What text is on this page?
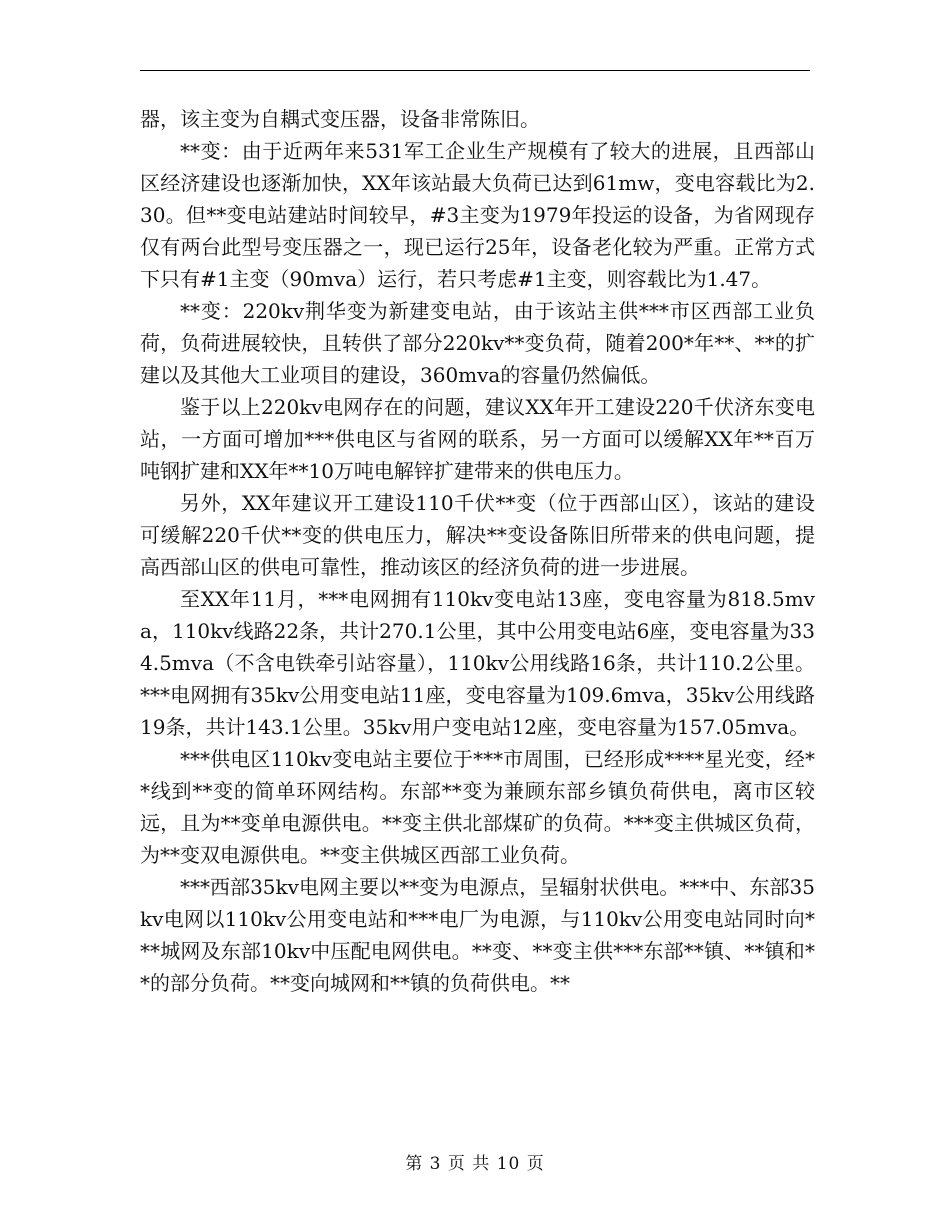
器，该主变为自耦式变压器，设备非常陈旧。

**变：由于近两年来531军工企业生产规模有了较大的进展，且西部山区经济建设也逐渐加快，XX年该站最大负荷已达到61mw，变电容载比为2.30。但**变电站建站时间较早，#3主变为1979年投运的设备，为省网现存仅有两台此型号变压器之一，现已运行25年，设备老化较为严重。正常方式下只有#1主变（90mva）运行，若只考虑#1主变，则容载比为1.47。

**变：220kv荆华变为新建变电站，由于该站主供***市区西部工业负荷，负荷进展较快，且转供了部分220kv**变负荷，随着200*年**、**的扩建以及其他大工业项目的建设，360mva的容量仍然偏低。

鉴于以上220kv电网存在的问题，建议XX年开工建设220千伏济东变电站，一方面可增加***供电区与省网的联系，另一方面可以缓解XX年**百万吨钢扩建和XX年**10万吨电解锌扩建带来的供电压力。

另外，XX年建议开工建设110千伏**变（位于西部山区），该站的建设可缓解220千伏**变的供电压力，解决**变设备陈旧所带来的供电问题，提高西部山区的供电可靠性，推动该区的经济负荷的进一步进展。

至XX年11月，***电网拥有110kv变电站13座，变电容量为818.5mva，110kv线路22条，共计270.1公里，其中公用变电站6座，变电容量为334.5mva（不含电铁牵引站容量），110kv公用线路16条，共计110.2公里。***电网拥有35kv公用变电站11座，变电容量为109.6mva，35kv公用线路19条，共计143.1公里。35kv用户变电站12座，变电容量为157.05mva。

***供电区110kv变电站主要位于***市周围，已经形成****星光变，经**线到**变的简单环网结构。东部**变为兼顾东部乡镇负荷供电，离市区较远，且为**变单电源供电。**变主供北部煤矿的负荷。***变主供城区负荷，为**变双电源供电。**变主供城区西部工业负荷。

***西部35kv电网主要以**变为电源点，呈辐射状供电。***中、东部35kv电网以110kv公用变电站和***电厂为电源，与110kv公用变电站同时向***城网及东部10kv中压配电网供电。**变、**变主供***东部**镇、**镇和**的部分负荷。**变向城网和**镇的负荷供电。**

第 3 页 共 10 页
